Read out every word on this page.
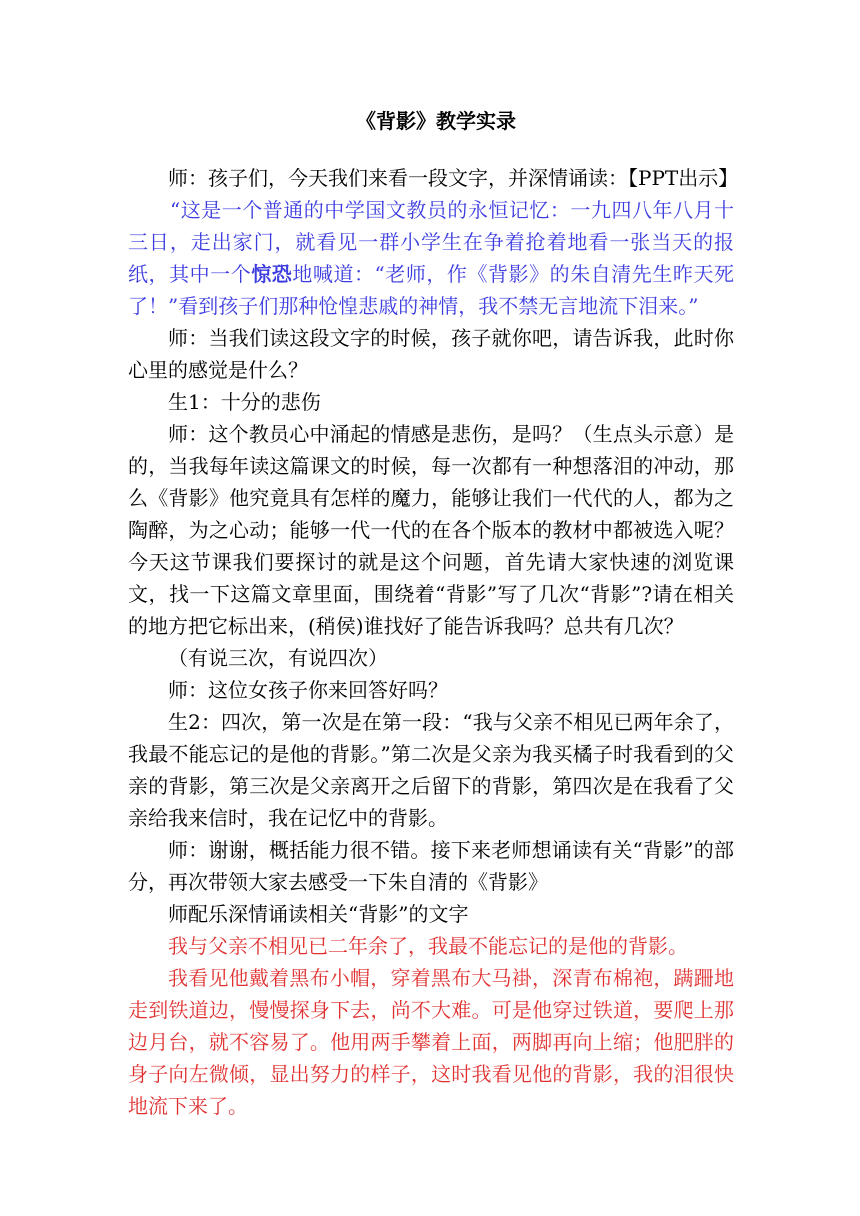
《背影》教学实录

师：孩子们，今天我们来看一段文字，并深情诵读：【PPT出示】

“这是一个普通的中学国文教员的永恒记忆：一九四八年八月十三日，走出家门，就看见一群小学生在争着抢着地看一张当天的报纸，其中一个惊恐地喊道：“老师，作《背影》的朱自清先生昨天死了！”看到孩子们那种怆惶悲戚的神情，我不禁无言地流下泪来。”

师：当我们读这段文字的时候，孩子就你吧，请告诉我，此时你心里的感觉是什么？

生1：十分的悲伤

师：这个教员心中涌起的情感是悲伤，是吗？（生点头示意）是的，当我每年读这篇课文的时候，每一次都有一种想落泪的冲动，那么《背影》他究竟具有怎样的魔力，能够让我们一代代的人，都为之陶醉，为之心动；能够一代一代的在各个版本的教材中都被选入呢？今天这节课我们要探讨的就是这个问题，首先请大家快速的浏览课文，找一下这篇文章里面，围绕着“背影”写了几次“背影”?请在相关的地方把它标出来，(稍侯)谁找好了能告诉我吗？总共有几次？

（有说三次，有说四次）

师：这位女孩子你来回答好吗？

生2：四次，第一次是在第一段：“我与父亲不相见已两年余了，我最不能忘记的是他的背影。”第二次是父亲为我买橘子时我看到的父亲的背影，第三次是父亲离开之后留下的背影，第四次是在我看了父亲给我来信时，我在记忆中的背影。

师：谢谢，概括能力很不错。接下来老师想诵读有关“背影”的部分，再次带领大家去感受一下朱自清的《背影》

师配乐深情诵读相关“背影”的文字

我与父亲不相见已二年余了，我最不能忘记的是他的背影。

我看见他戴着黑布小帽，穿着黑布大马褂，深青布棉袍，蹒跚地走到铁道边，慢慢探身下去，尚不大难。可是他穿过铁道，要爬上那边月台，就不容易了。他用两手攀着上面，两脚再向上缩；他肥胖的身子向左微倾，显出努力的样子，这时我看见他的背影，我的泪很快地流下来了。
